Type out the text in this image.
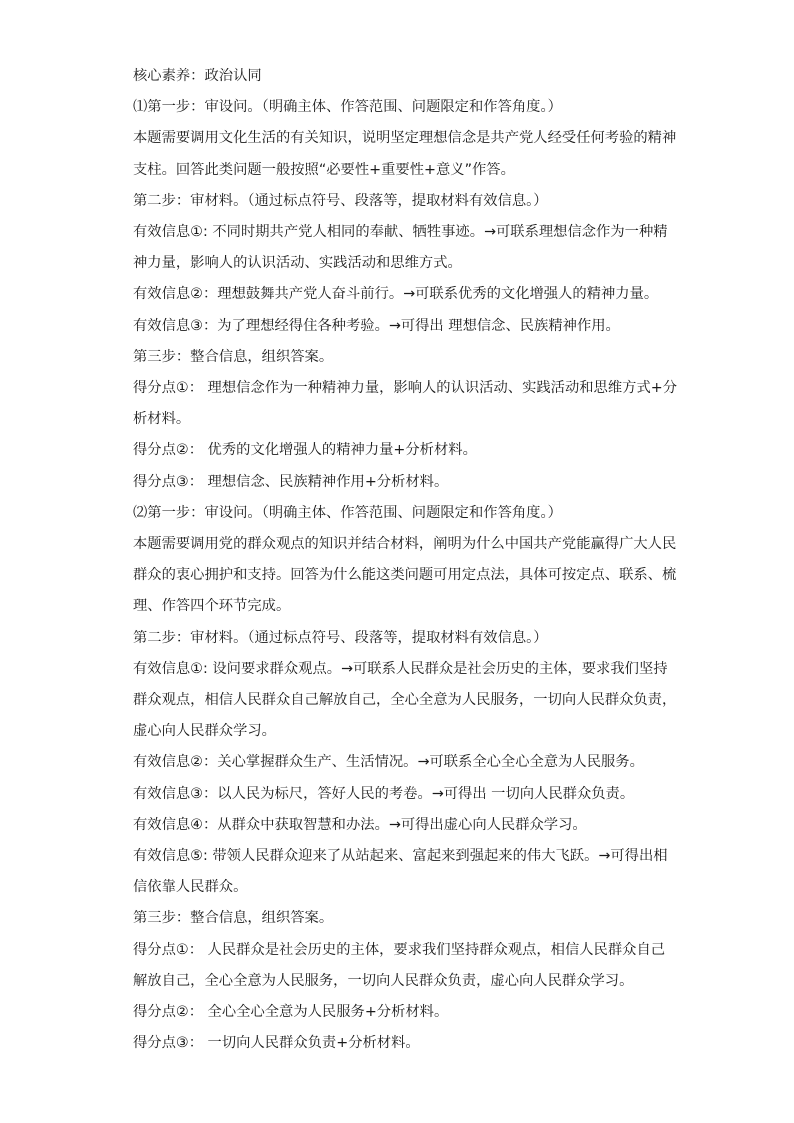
核心素养：政治认同
⑴第一步：审设问。（明确主体、作答范围、问题限定和作答角度。）
本题需要调用文化生活的有关知识，说明坚定理想信念是共产党人经受任何考验的精神
支柱。回答此类问题一般按照“必要性+重要性+意义”作答。
第二步：审材料。（通过标点符号、段落等，提取材料有效信息。）
有效信息①: 不同时期共产党人相同的奉献、牺牲事迹。→可联系理想信念作为一种精
神力量，影响人的认识活动、实践活动和思维方式。
有效信息②：理想鼓舞共产党人奋斗前行。→可联系优秀的文化增强人的精神力量。
有效信息③：为了理想经得住各种考验。→可得出 理想信念、民族精神作用。
第三步：整合信息，组织答案。
得分点①： 理想信念作为一种精神力量，影响人的认识活动、实践活动和思维方式+分
析材料。
得分点②： 优秀的文化增强人的精神力量+分析材料。
得分点③： 理想信念、民族精神作用+分析材料。
⑵第一步：审设问。（明确主体、作答范围、问题限定和作答角度。）
本题需要调用党的群众观点的知识并结合材料，阐明为什么中国共产党能赢得广大人民
群众的衷心拥护和支持。回答为什么能这类问题可用定点法，具体可按定点、联系、梳
理、作答四个环节完成。
第二步：审材料。（通过标点符号、段落等，提取材料有效信息。）
有效信息①: 设问要求群众观点。→可联系人民群众是社会历史的主体，要求我们坚持
群众观点，相信人民群众自己解放自己，全心全意为人民服务，一切向人民群众负责，
虚心向人民群众学习。
有效信息②：关心掌握群众生产、生活情况。→可联系全心全心全意为人民服务。
有效信息③：以人民为标尺，答好人民的考卷。→可得出 一切向人民群众负责。
有效信息④：从群众中获取智慧和办法。→可得出虚心向人民群众学习。
有效信息⑤: 带领人民群众迎来了从站起来、富起来到强起来的伟大飞跃。→可得出相
信依靠人民群众。
第三步：整合信息，组织答案。
得分点①： 人民群众是社会历史的主体，要求我们坚持群众观点，相信人民群众自己
解放自己，全心全意为人民服务，一切向人民群众负责，虚心向人民群众学习。
得分点②： 全心全心全意为人民服务+分析材料。
得分点③： 一切向人民群众负责+分析材料。
